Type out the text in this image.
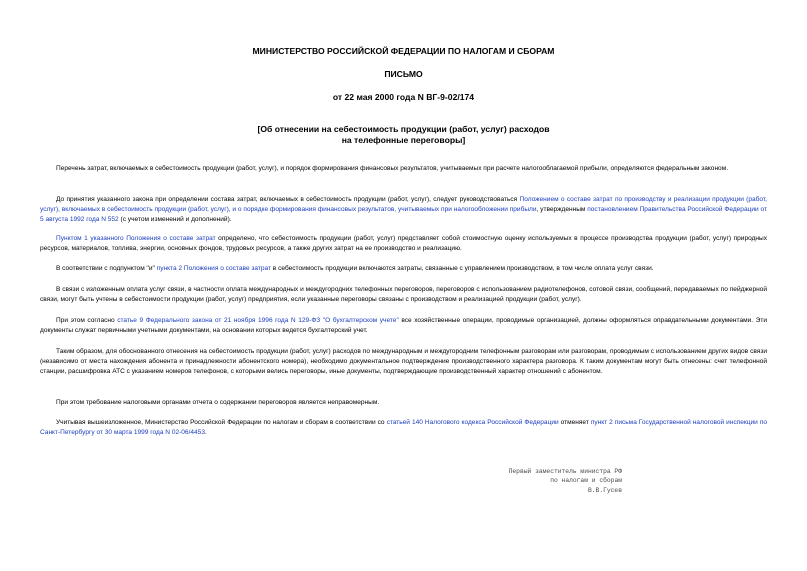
МИНИСТЕРСТВО РОССИЙСКОЙ ФЕДЕРАЦИИ ПО НАЛОГАМ И СБОРАМ
ПИСЬМО
от 22 мая 2000 года N ВГ-9-02/174
[Об отнесении на себестоимость продукции (работ, услуг) расходов
на телефонные переговоры]

Перечень затрат, включаемых в себестоимость продукции (работ, услуг), и порядок формирования финансовых результатов, учитываемых при расчете налогооблагаемой прибыли, определяются федеральным законом.

До принятия указанного закона при определении состава затрат, включаемых в себестоимость продукции (работ, услуг), следует руководствоваться Положением о составе затрат по производству и реализации продукции (работ, услуг), включаемых в себестоимость продукции (работ, услуг), и о порядке формирования финансовых результатов, учитываемых при налогообложении прибыли, утвержденным постановлением Правительства Российской Федерации от 5 августа 1992 года N 552 (с учетом изменений и дополнений).

Пунктом 1 указанного Положения о составе затрат определено, что себестоимость продукции (работ, услуг) представляет собой стоимостную оценку используемых в процессе производства продукции (работ, услуг) природных ресурсов, материалов, топлива, энергии, основных фондов, трудовых ресурсов, а также других затрат на ее производство и реализацию.

В соответствии с подпунктом "и" пункта 2 Положения о составе затрат в себестоимость продукции включаются затраты, связанные с управлением производством, в том числе оплата услуг связи.

В связи с изложенным оплата услуг связи, в частности оплата международных и междугородних телефонных переговоров, переговоров с использованием радиотелефонов, сотовой связи, сообщений, передаваемых по пейджерной связи, могут быть учтены в себестоимости продукции (работ, услуг) предприятия, если указанные переговоры связаны с производством и реализацией продукции (работ, услуг).

При этом согласно статье 9 Федерального закона от 21 ноября 1996 года N 129-ФЗ "О бухгалтерском учете" все хозяйственные операции, проводимые организацией, должны оформляться оправдательными документами. Эти документы служат первичными учетными документами, на основании которых ведется бухгалтерский учет.

Таким образом, для обоснованного отнесения на себестоимость продукции (работ, услуг) расходов по международным и междугородним телефонным разговорам или разговорам, проводимым с использованием других видов связи (независимо от места нахождения абонента и принадлежности абонентского номера), необходимо документальное подтверждение производственного характера разговора. К таким документам могут быть отнесены: счет телефонной станции, расшифровка АТС с указанием номеров телефонов, с которыми велись переговоры, иные документы, подтверждающие производственный характер отношений с абонентом.

При этом требование налоговыми органами отчета о содержании переговоров является неправомерным.

Учитывая вышеизложенное, Министерство Российской Федерации по налогам и сборам в соответствии со статьей 140 Налогового кодекса Российской Федерации отменяет пункт 2 письма Государственной налоговой инспекции по Санкт-Петербургу от 30 марта 1999 года N 02-06/4453.

Первый заместитель министра РФ
по налогам и сборам
В.В.Гусев
